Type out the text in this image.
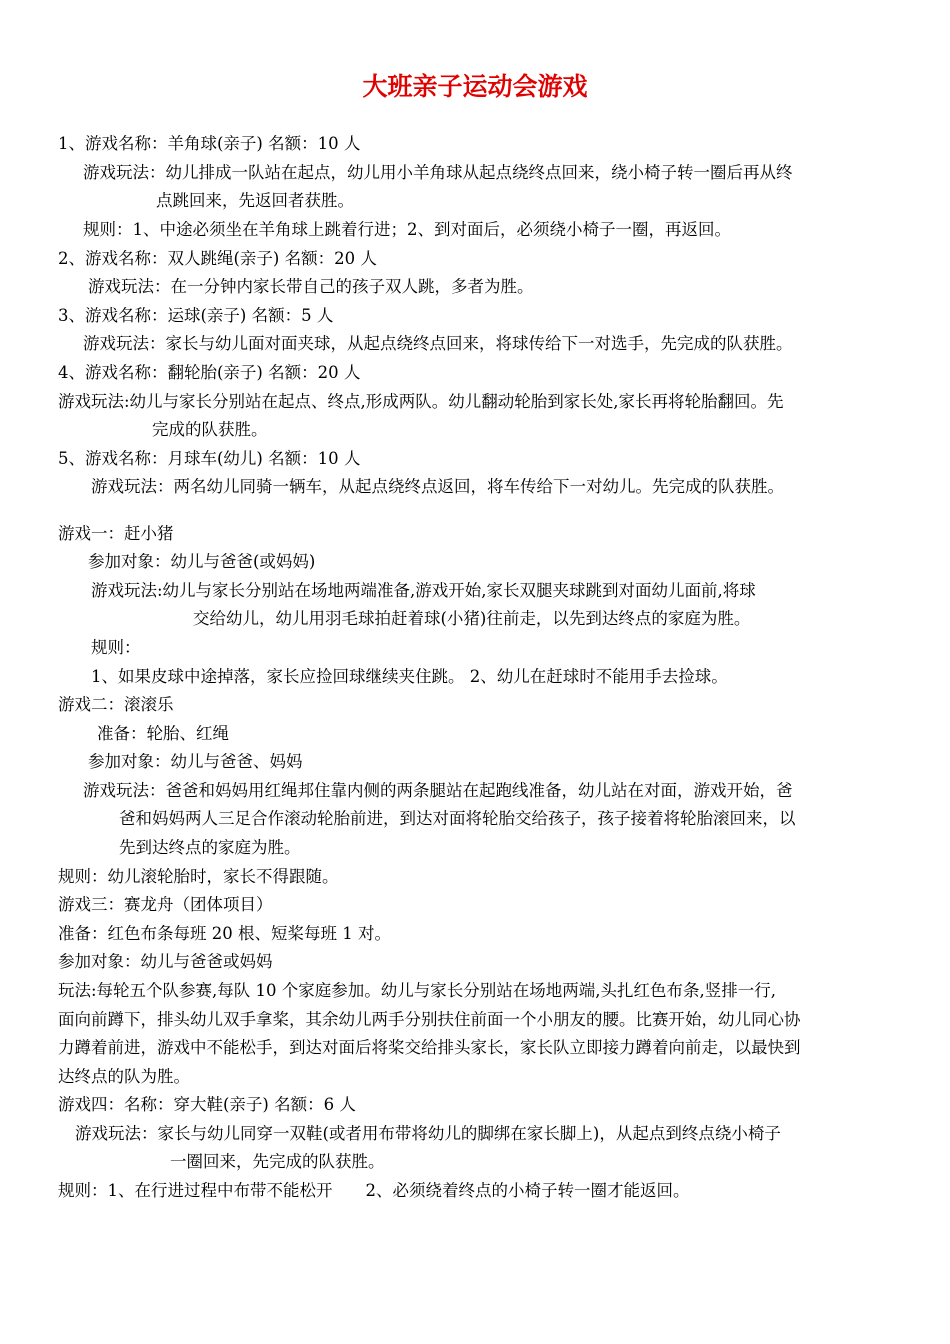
大班亲子运动会游戏
1、游戏名称：羊角球(亲子) 名额：10 人
游戏玩法：幼儿排成一队站在起点，幼儿用小羊角球从起点绕终点回来，绕小椅子转一圈后再从终
点跳回来，先返回者获胜。
规则：1、中途必须坐在羊角球上跳着行进；2、到对面后，必须绕小椅子一圈，再返回。
2、游戏名称：双人跳绳(亲子) 名额：20 人
游戏玩法：在一分钟内家长带自己的孩子双人跳，多者为胜。
3、游戏名称：运球(亲子) 名额：5 人
游戏玩法：家长与幼儿面对面夹球，从起点绕终点回来，将球传给下一对选手，先完成的队获胜。
4、游戏名称：翻轮胎(亲子) 名额：20 人
游戏玩法:幼儿与家长分别站在起点、终点,形成两队。幼儿翻动轮胎到家长处,家长再将轮胎翻回。先
完成的队获胜。
5、游戏名称：月球车(幼儿) 名额：10 人
游戏玩法：两名幼儿同骑一辆车，从起点绕终点返回，将车传给下一对幼儿。先完成的队获胜。
游戏一：赶小猪
参加对象：幼儿与爸爸(或妈妈)
游戏玩法:幼儿与家长分别站在场地两端准备,游戏开始,家长双腿夹球跳到对面幼儿面前,将球
交给幼儿，幼儿用羽毛球拍赶着球(小猪)往前走，以先到达终点的家庭为胜。
规则：
1、如果皮球中途掉落，家长应捡回球继续夹住跳。 2、幼儿在赶球时不能用手去捡球。
游戏二：滚滚乐
准备：轮胎、红绳
参加对象：幼儿与爸爸、妈妈
游戏玩法：爸爸和妈妈用红绳邦住靠内侧的两条腿站在起跑线准备，幼儿站在对面，游戏开始，爸
爸和妈妈两人三足合作滚动轮胎前进，到达对面将轮胎交给孩子，孩子接着将轮胎滚回来，以
先到达终点的家庭为胜。
规则：幼儿滚轮胎时，家长不得跟随。
游戏三：赛龙舟（团体项目）
准备：红色布条每班 20 根、短桨每班 1 对。
参加对象：幼儿与爸爸或妈妈
玩法:每轮五个队参赛,每队 10 个家庭参加。幼儿与家长分别站在场地两端,头扎红色布条,竖排一行,
面向前蹲下，排头幼儿双手拿桨，其余幼儿两手分别扶住前面一个小朋友的腰。比赛开始，幼儿同心协
力蹲着前进，游戏中不能松手，到达对面后将桨交给排头家长，家长队立即接力蹲着向前走，以最快到
达终点的队为胜。
游戏四：名称：穿大鞋(亲子) 名额：6 人
游戏玩法：家长与幼儿同穿一双鞋(或者用布带将幼儿的脚绑在家长脚上)，从起点到终点绕小椅子
一圈回来，先完成的队获胜。
规则：1、在行进过程中布带不能松开　　2、必须绕着终点的小椅子转一圈才能返回。
